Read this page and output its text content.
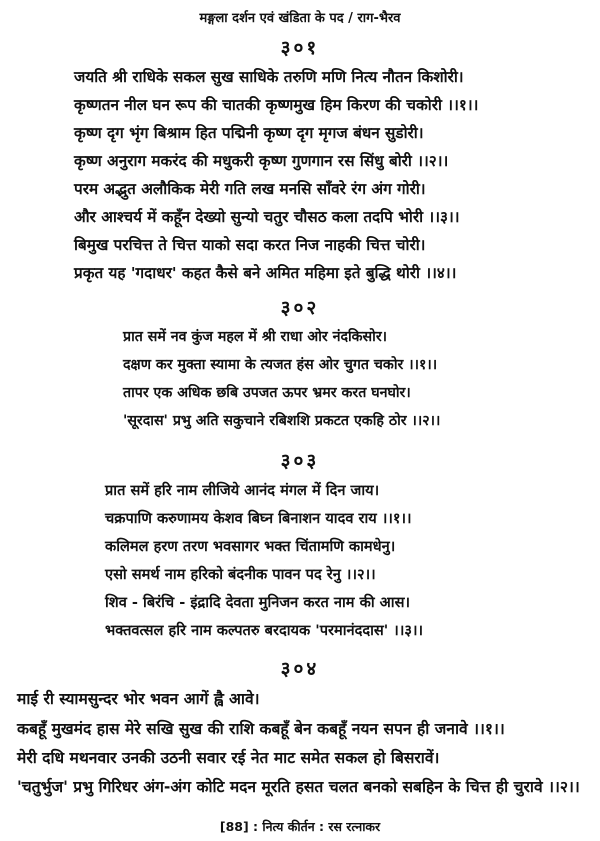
मङ्गला दर्शन एवं खंडिता के पद / राग-भैरव
३०१
जयति श्री राधिके सकल सुख साधिके तरुणि मणि नित्य नौतन किशोरी।
कृष्णतन नील घन रूप की चातकी कृष्णमुख हिम किरण की चकोरी ।।१।।
कृष्ण दृग भृंग बिश्राम हित पद्मिनी कृष्ण दृग मृगज बंधन सुडोरी।
कृष्ण अनुराग मकरंद की मधुकरी कृष्ण गुणगान रस सिंधु बोरी ।।२।।
परम अद्भुत अलौकिक मेरी गति लख मनसि साँवरे रंग अंग गोरी।
और आश्चर्य में कहूँन देख्यो सुन्यो चतुर चौसठ कला तदपि भोरी ।।३।।
बिमुख परचित्त ते चित्त याको सदा करत निज नाहकी चित्त चोरी।
प्रकृत यह 'गदाधर' कहत कैसे बने अमित महिमा इते बुद्धि थोरी ।।४।।
३०२
प्रात समें नव कुंज महल में श्री राधा ओर नंदकिसोर।
दक्षण कर मुक्ता स्यामा के त्यजत हंस ओर चुगत चकोर ।।१।।
तापर एक अधिक छबि उपजत ऊपर भ्रमर करत घनघोर।
'सूरदास' प्रभु अति सकुचाने रबिशशि प्रकटत एकहि ठोर ।।२।।
३०३
प्रात समें हरि नाम लीजिये आनंद मंगल में दिन जाय।
चक्रपाणि करुणामय केशव बिघ्न बिनाशन यादव राय ।।१।।
कलिमल हरण तरण भवसागर भक्त चिंतामणि कामधेनु।
एसो समर्थ नाम हरिको बंदनीक पावन पद रेनु ।।२।।
शिव - बिरंचि - इंद्रादि देवता मुनिजन करत नाम की आस।
भक्तवत्सल हरि नाम कल्पतरु बरदायक 'परमानंददास' ।।३।।
३०४
माई री स्यामसुन्दर भोर भवन आगें ह्वै आवे।
कबहूँ मुखमंद हास मेरे सखि सुख की राशि कबहूँ बेन कबहूँ नयन सपन ही जनावे ।।१।।
मेरी दधि मथनवार उनकी उठनी सवार रई नेत माट समेत सकल हो बिसरावें।
'चतुर्भुज' प्रभु गिरिधर अंग-अंग कोटि मदन मूरति हसत चलत बनको सबहिन के चित्त ही चुरावे ।।२।।
[88] : नित्य कीर्तन : रस रत्नाकर
